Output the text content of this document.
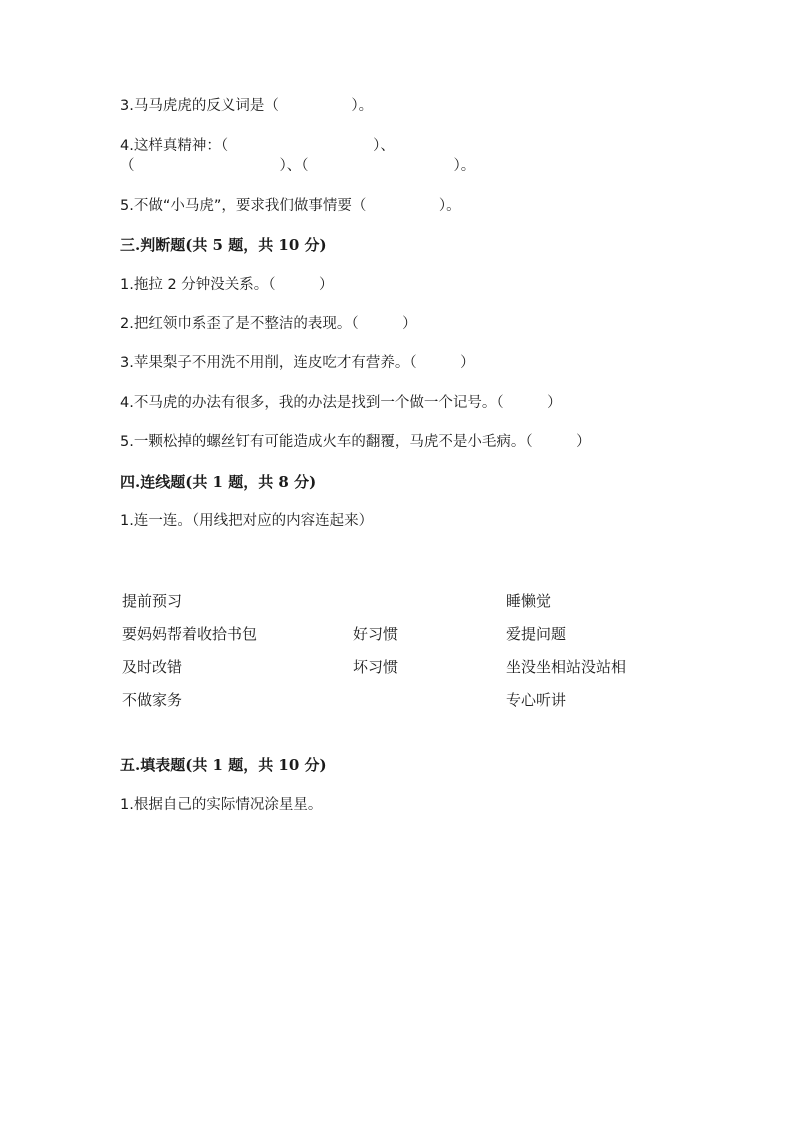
3.马马虎虎的反义词是（　　　　　）。
4.这样真精神：（　　　　　　　　　　）、
（　　　　　　　　　　）、（　　　　　　　　　　）。
5.不做“小马虎”，要求我们做事情要（　　　　　）。
三.判断题(共 5 题，共 10 分)
1.拖拉 2 分钟没关系。（　　　）
2.把红领巾系歪了是不整洁的表现。（　　　）
3.苹果梨子不用洗不用削，连皮吃才有营养。（　　　）
4.不马虎的办法有很多，我的办法是找到一个做一个记号。（　　　）
5.一颗松掉的螺丝钉有可能造成火车的翻覆，马虎不是小毛病。（　　　）
四.连线题(共 1 题，共 8 分)
1.连一连。（用线把对应的内容连起来）
提前预习
要妈妈帮着收拾书包
及时改错
不做家务
好习惯
坏习惯
睡懒觉
爱提问题
坐没坐相站没站相
专心听讲
五.填表题(共 1 题，共 10 分)
1.根据自己的实际情况涂星星。
